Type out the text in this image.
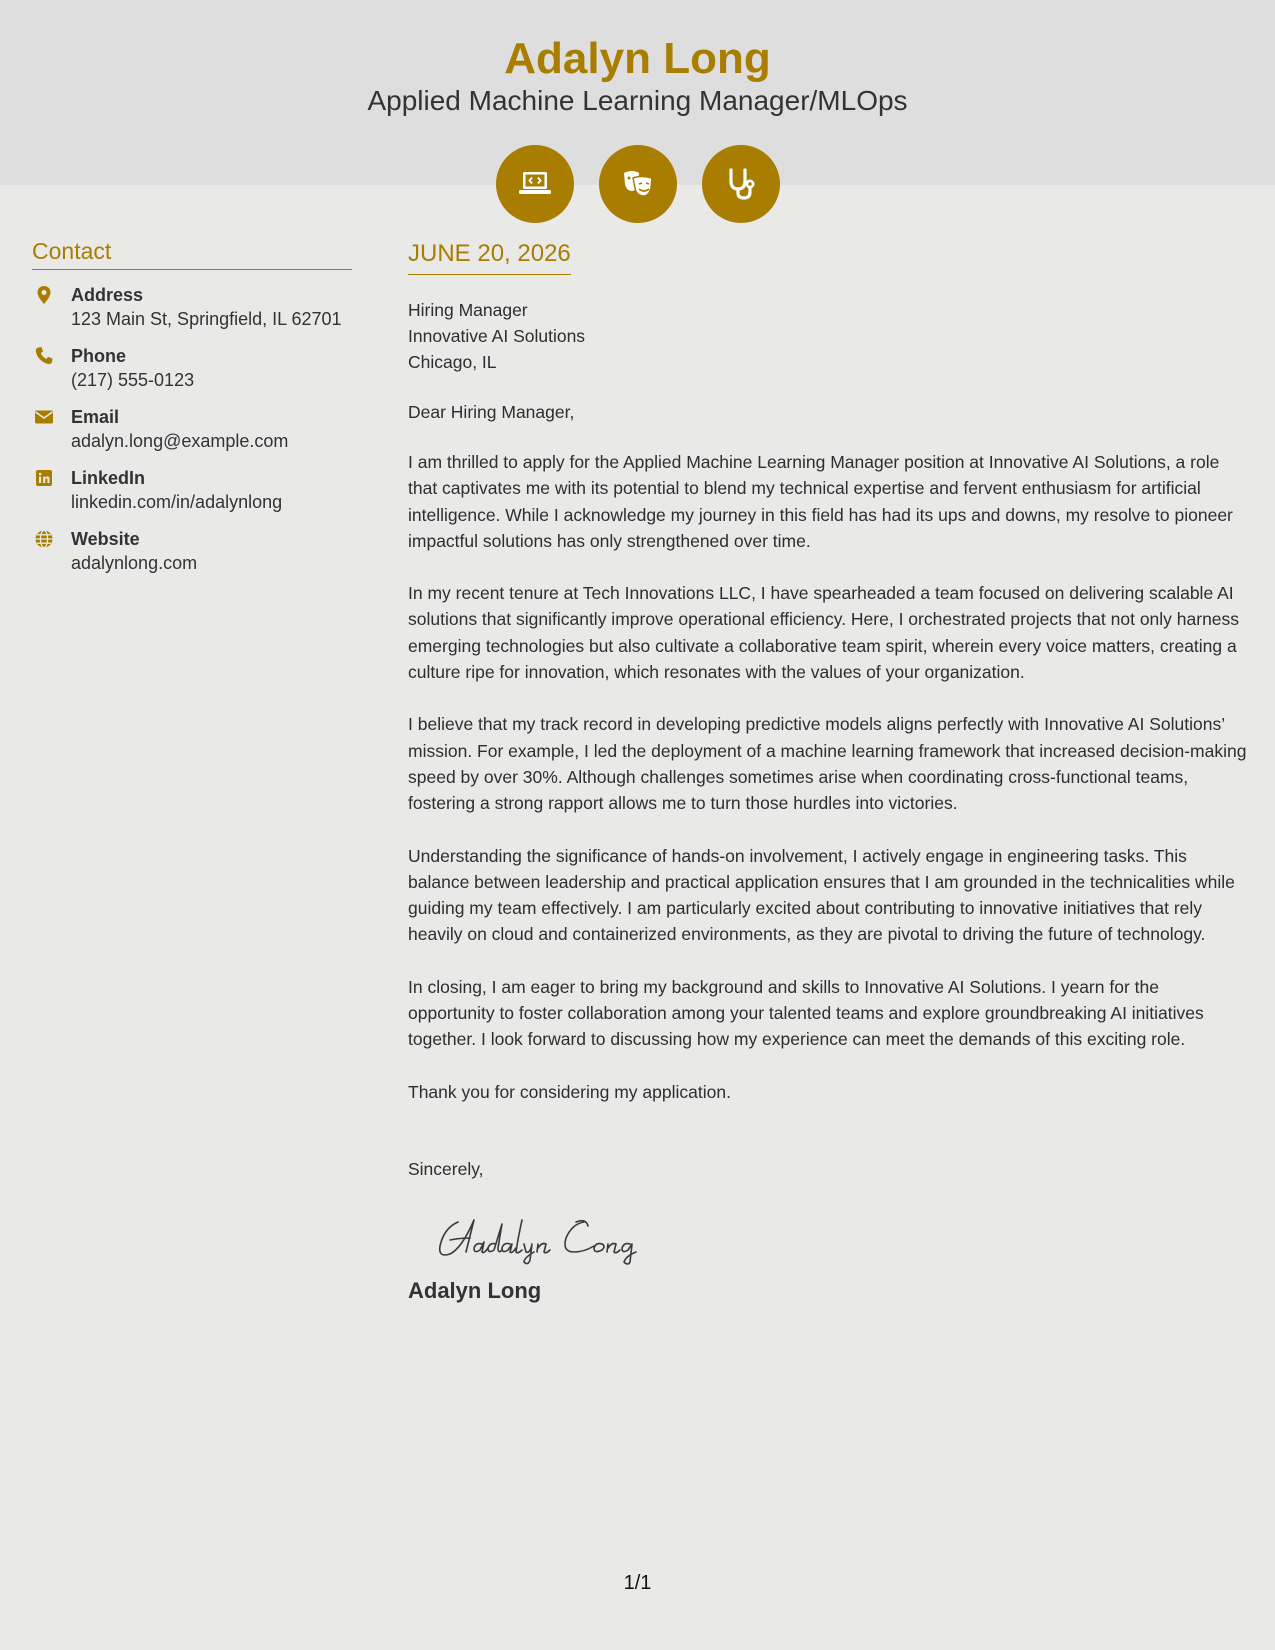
Adalyn Long
Applied Machine Learning Manager/MLOps
Contact
Address
123 Main St, Springfield, IL 62701
Phone
(217) 555-0123
Email
adalyn.long@example.com
LinkedIn
linkedin.com/in/adalynlong
Website
adalynlong.com
JUNE 20, 2026
Hiring Manager
Innovative AI Solutions
Chicago, IL
Dear Hiring Manager,

I am thrilled to apply for the Applied Machine Learning Manager position at Innovative AI Solutions, a role that captivates me with its potential to blend my technical expertise and fervent enthusiasm for artificial intelligence. While I acknowledge my journey in this field has had its ups and downs, my resolve to pioneer impactful solutions has only strengthened over time.

In my recent tenure at Tech Innovations LLC, I have spearheaded a team focused on delivering scalable AI solutions that significantly improve operational efficiency. Here, I orchestrated projects that not only harness emerging technologies but also cultivate a collaborative team spirit, wherein every voice matters, creating a culture ripe for innovation, which resonates with the values of your organization.

I believe that my track record in developing predictive models aligns perfectly with Innovative AI Solutions’ mission. For example, I led the deployment of a machine learning framework that increased decision-making speed by over 30%. Although challenges sometimes arise when coordinating cross-functional teams, fostering a strong rapport allows me to turn those hurdles into victories.

Understanding the significance of hands-on involvement, I actively engage in engineering tasks. This balance between leadership and practical application ensures that I am grounded in the technicalities while guiding my team effectively. I am particularly excited about contributing to innovative initiatives that rely heavily on cloud and containerized environments, as they are pivotal to driving the future of technology.

In closing, I am eager to bring my background and skills to Innovative AI Solutions. I yearn for the opportunity to foster collaboration among your talented teams and explore groundbreaking AI initiatives together. I look forward to discussing how my experience can meet the demands of this exciting role.

Thank you for considering my application.

Sincerely,
Adalyn Long
1/1
